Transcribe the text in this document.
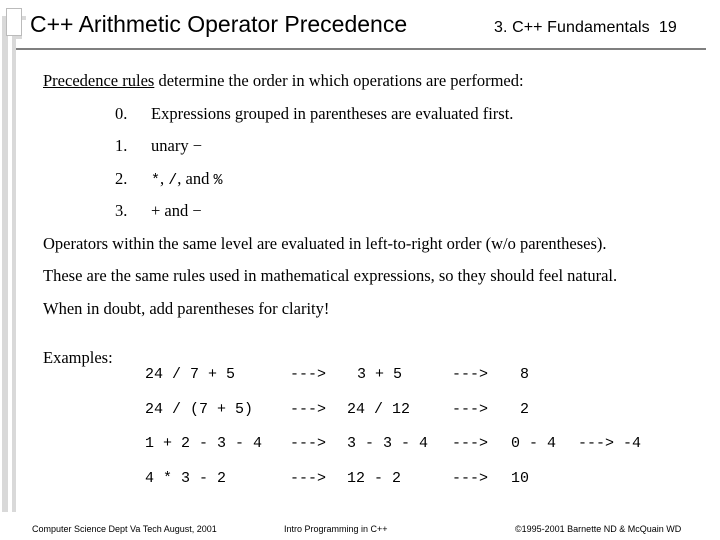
C++ Arithmetic Operator Precedence	3. C++ Fundamentals 19
Precedence rules determine the order in which operations are performed:
0. Expressions grouped in parentheses are evaluated first.
1. unary −
2. *, /, and %
3. + and −
Operators within the same level are evaluated in left-to-right order (w/o parentheses).
These are the same rules used in mathematical expressions, so they should feel natural.
When in doubt, add parentheses for clarity!
Examples:
24 / 7 + 5	---> 3 + 5	---> 8
24 / (7 + 5) ---> 24 / 12	---> 2
1 + 2 - 3 - 4 ---> 3 - 3 - 4 ---> 0 - 4 ---> -4
4 * 3 - 2	---> 12 - 2	---> 10
Computer Science Dept Va Tech August, 2001	Intro Programming in C++	©1995-2001 Barnette ND & McQuain WD
